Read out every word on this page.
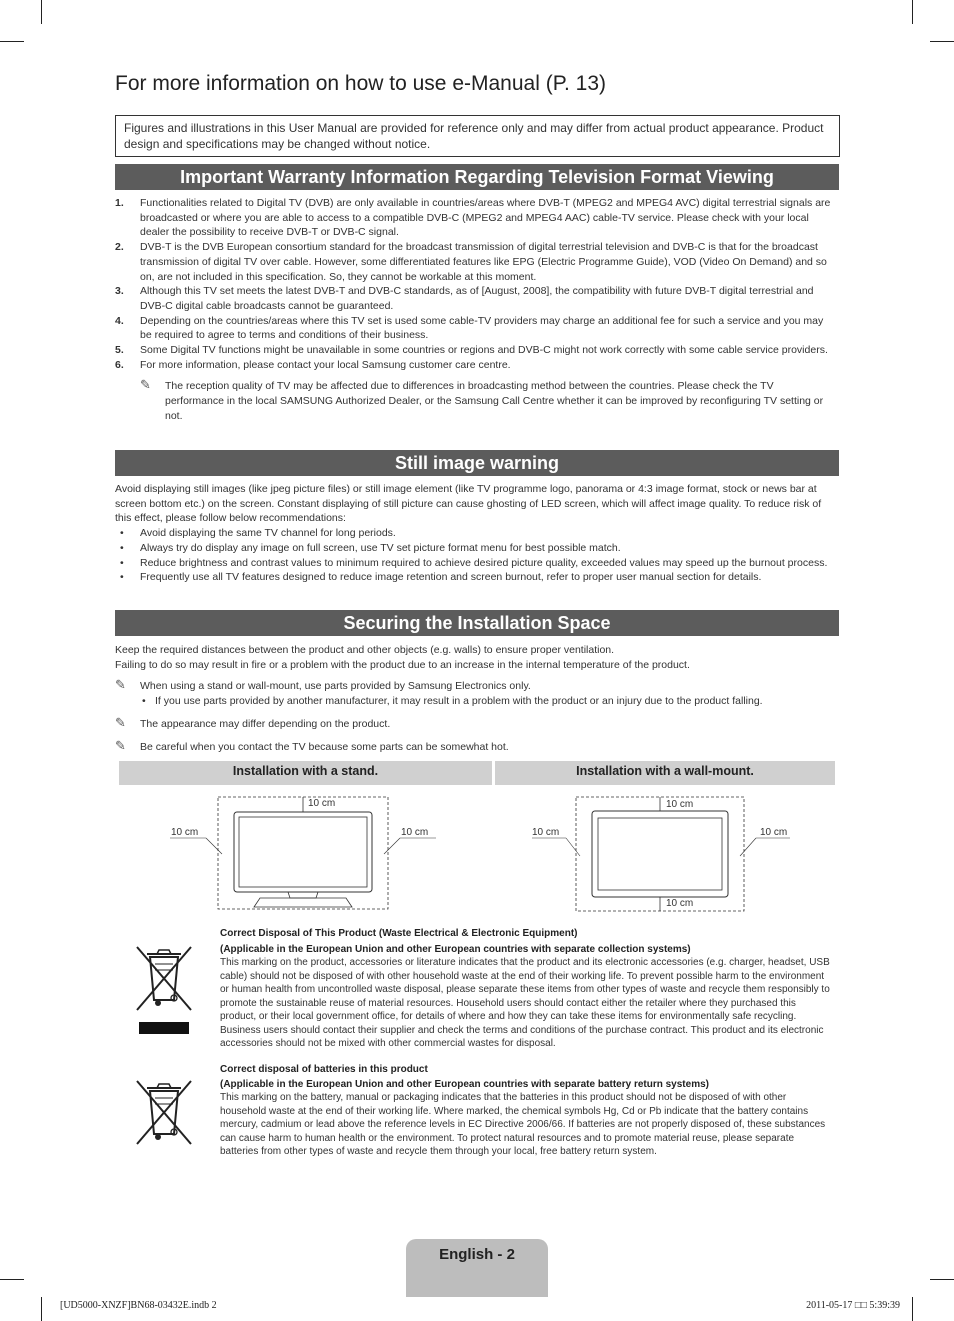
For more information on how to use e-Manual (P. 13)
Figures and illustrations in this User Manual are provided for reference only and may differ from actual product appearance. Product design and specifications may be changed without notice.
Important Warranty Information Regarding Television Format Viewing
1. Functionalities related to Digital TV (DVB) are only available in countries/areas where DVB-T (MPEG2 and MPEG4 AVC) digital terrestrial signals are broadcasted or where you are able to access to a compatible DVB-C (MPEG2 and MPEG4 AAC) cable-TV service. Please check with your local dealer the possibility to receive DVB-T or DVB-C signal.

2. DVB-T is the DVB European consortium standard for the broadcast transmission of digital terrestrial television and DVB-C is that for the broadcast transmission of digital TV over cable. However, some differentiated features like EPG (Electric Programme Guide), VOD (Video On Demand) and so on, are not included in this specification. So, they cannot be workable at this moment.

3. Although this TV set meets the latest DVB-T and DVB-C standards, as of [August, 2008], the compatibility with future DVB-T digital terrestrial and DVB-C digital cable broadcasts cannot be guaranteed.

4. Depending on the countries/areas where this TV set is used some cable-TV providers may charge an additional fee for such a service and you may be required to agree to terms and conditions of their business.

5. Some Digital TV functions might be unavailable in some countries or regions and DVB-C might not work correctly with some cable service providers.

6. For more information, please contact your local Samsung customer care centre.

✎ The reception quality of TV may be affected due to differences in broadcasting method between the countries. Please check the TV performance in the local SAMSUNG Authorized Dealer, or the Samsung Call Centre whether it can be improved by reconfiguring TV setting or not.

Still image warning

Avoid displaying still images (like jpeg picture files) or still image element (like TV programme logo, panorama or 4:3 image format, stock or news bar at screen bottom etc.) on the screen. Constant displaying of still picture can cause ghosting of LED screen, which will affect image quality. To reduce risk of this effect, please follow below recommendations:

• Avoid displaying the same TV channel for long periods.

• Always try do display any image on full screen, use TV set picture format menu for best possible match.

• Reduce brightness and contrast values to minimum required to achieve desired picture quality, exceeded values may speed up the burnout process.

• Frequently use all TV features designed to reduce image retention and screen burnout, refer to proper user manual section for details.

Securing the Installation Space

Keep the required distances between the product and other objects (e.g. walls) to ensure proper ventilation.

Failing to do so may result in fire or a problem with the product due to an increase in the internal temperature of the product.

✎ When using a stand or wall-mount, use parts provided by Samsung Electronics only.

• If you use parts provided by another manufacturer, it may result in a problem with the product or an injury due to the product falling.

✎ The appearance may differ depending on the product.

✎ Be careful when you contact the TV because some parts can be somewhat hot.

Installation with a stand.	Installation with a wall-mount.
10 cm
10 cm	10 cm
10 cm
10 cm
10 cm	10 cm

Correct Disposal of This Product (Waste Electrical & Electronic Equipment)

(Applicable in the European Union and other European countries with separate collection systems)

This marking on the product, accessories or literature indicates that the product and its electronic accessories (e.g. charger, headset, USB cable) should not be disposed of with other household waste at the end of their working life. To prevent possible harm to the environment or human health from uncontrolled waste disposal, please separate these items from other types of waste and recycle them responsibly to promote the sustainable reuse of material resources. Household users should contact either the retailer where they purchased this product, or their local government office, for details of where and how they can take these items for environmentally safe recycling. Business users should contact their supplier and check the terms and conditions of the purchase contract. This product and its electronic accessories should not be mixed with other commercial wastes for disposal.

Correct disposal of batteries in this product

(Applicable in the European Union and other European countries with separate battery return systems)

This marking on the battery, manual or packaging indicates that the batteries in this product should not be disposed of with other household waste at the end of their working life. Where marked, the chemical symbols Hg, Cd or Pb indicate that the battery contains mercury, cadmium or lead above the reference levels in EC Directive 2006/66. If batteries are not properly disposed of, these substances can cause harm to human health or the environment. To protect natural resources and to promote material reuse, please separate batteries from other types of waste and recycle them through your local, free battery return system.

English - 2
[UD5000-XNZF]BN68-03432E.indb 2	2011-05-17 □□ 5:39:39
